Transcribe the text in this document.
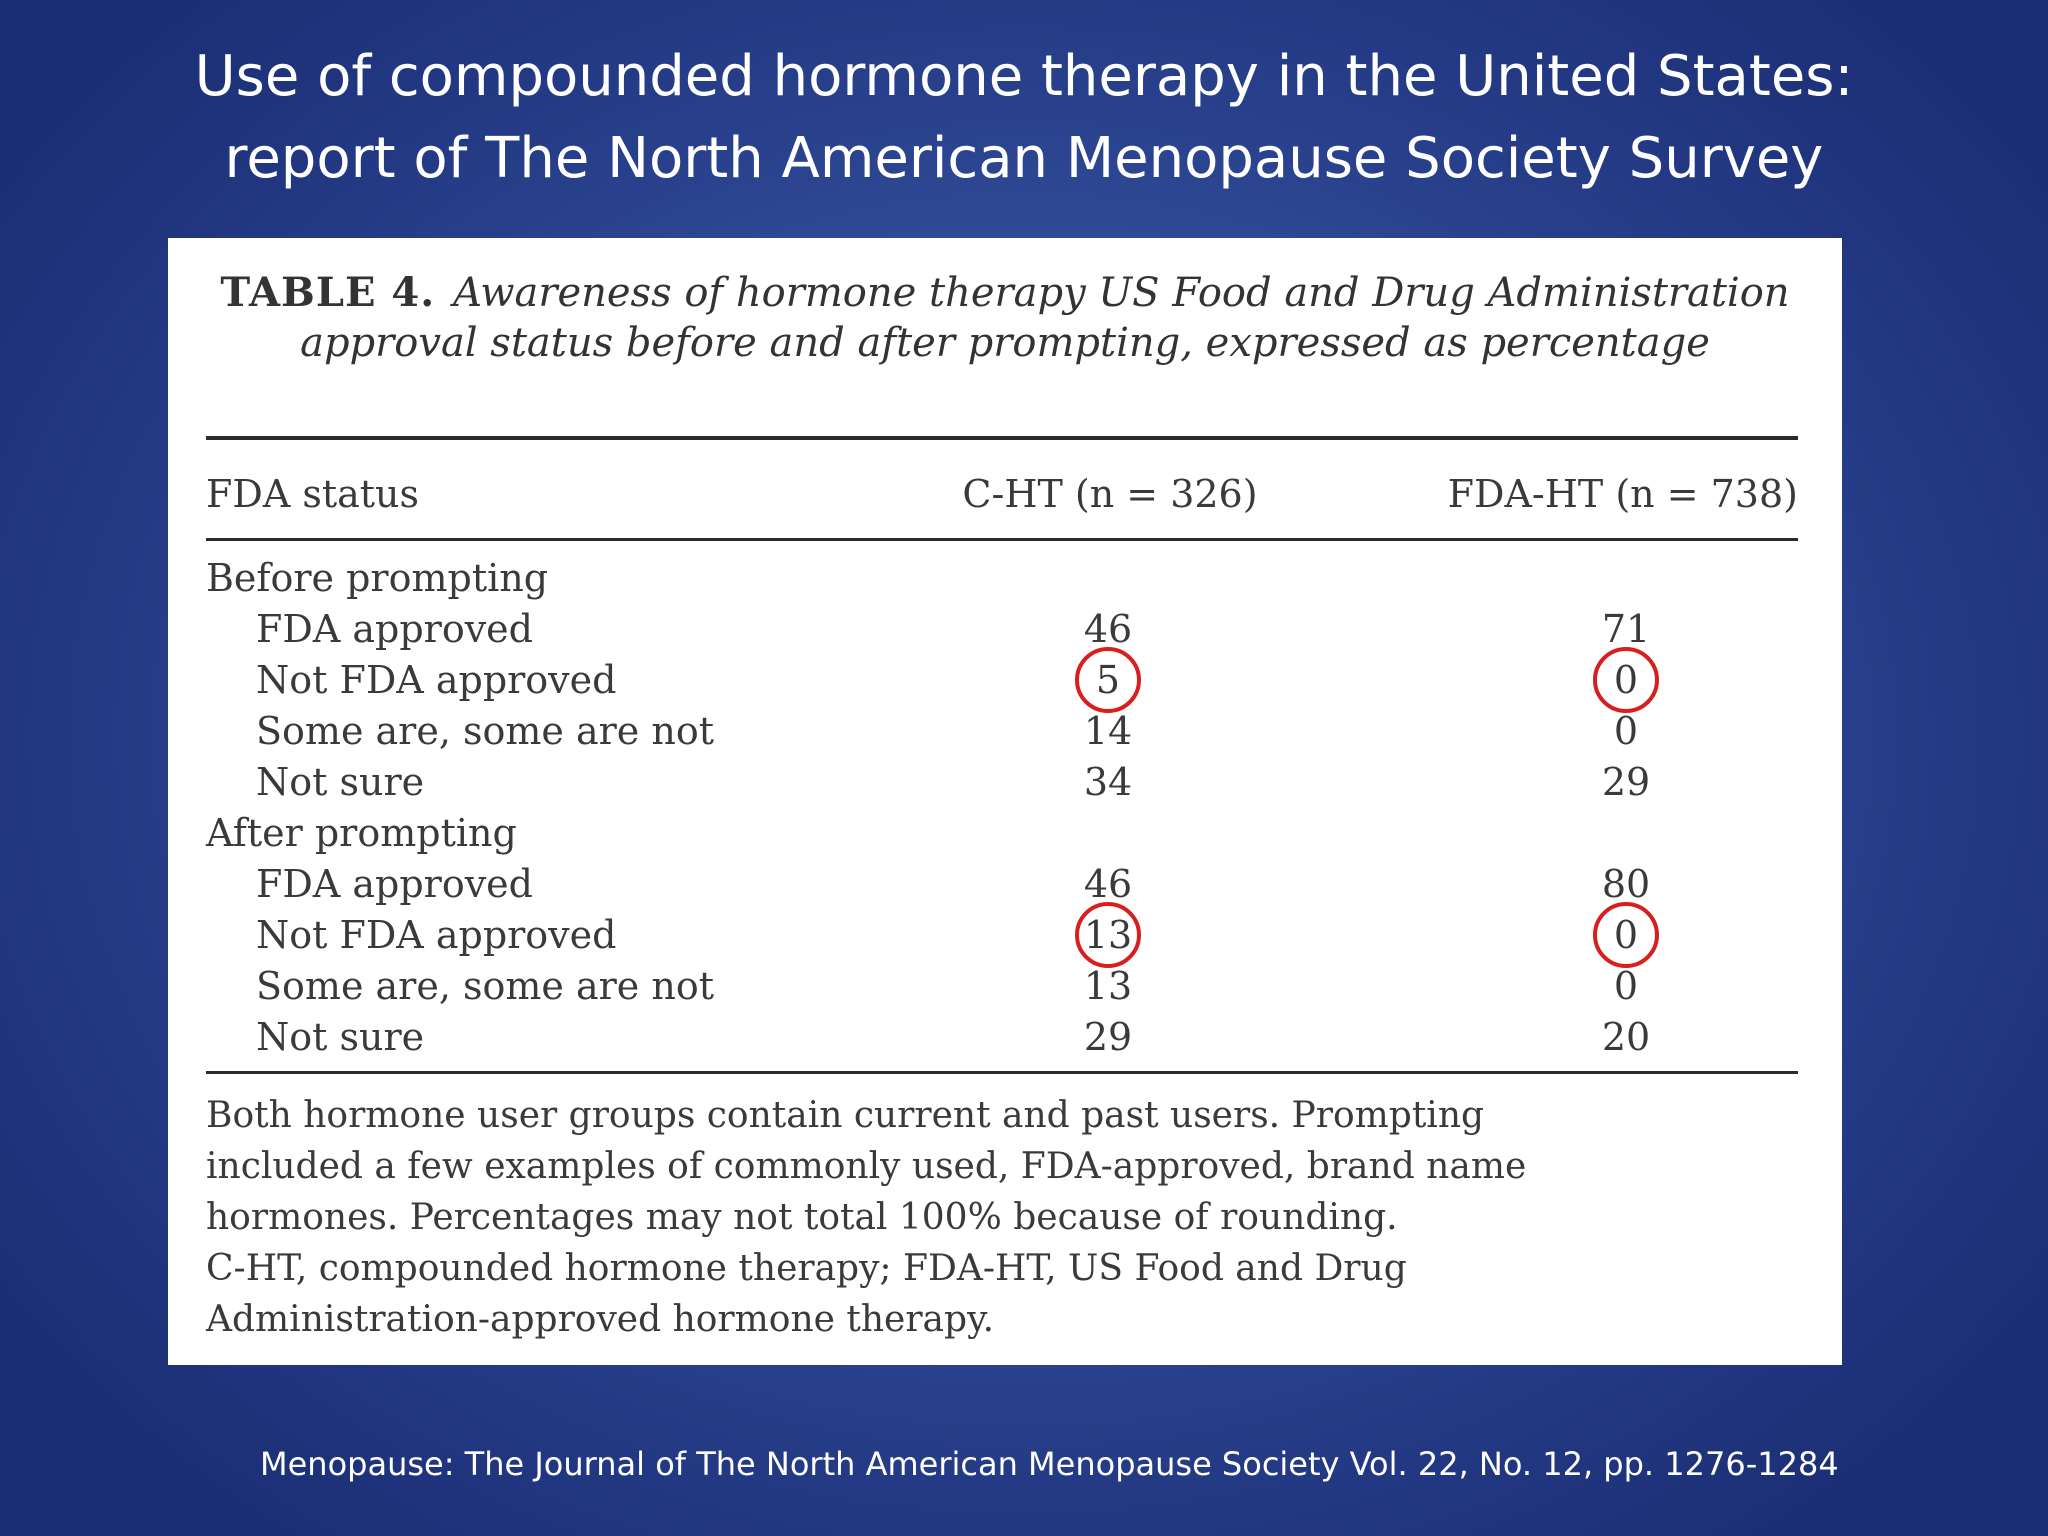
Use of compounded hormone therapy in the United States:
report of The North American Menopause Society Survey
TABLE 4. Awareness of hormone therapy US Food and Drug Administration approval status before and after prompting, expressed as percentage
FDA status	C-HT (n = 326)	FDA-HT (n = 738)
Before prompting
FDA approved	46	71
Not FDA approved	5	0
Some are, some are not	14	0
Not sure	34	29
After prompting
FDA approved	46	80
Not FDA approved	13	0
Some are, some are not	13	0
Not sure	29	20
Both hormone user groups contain current and past users. Prompting
included a few examples of commonly used, FDA-approved, brand name
hormones. Percentages may not total 100% because of rounding.
C-HT, compounded hormone therapy; FDA-HT, US Food and Drug
Administration-approved hormone therapy.
Menopause: The Journal of The North American Menopause Society Vol. 22, No. 12, pp. 1276-1284
